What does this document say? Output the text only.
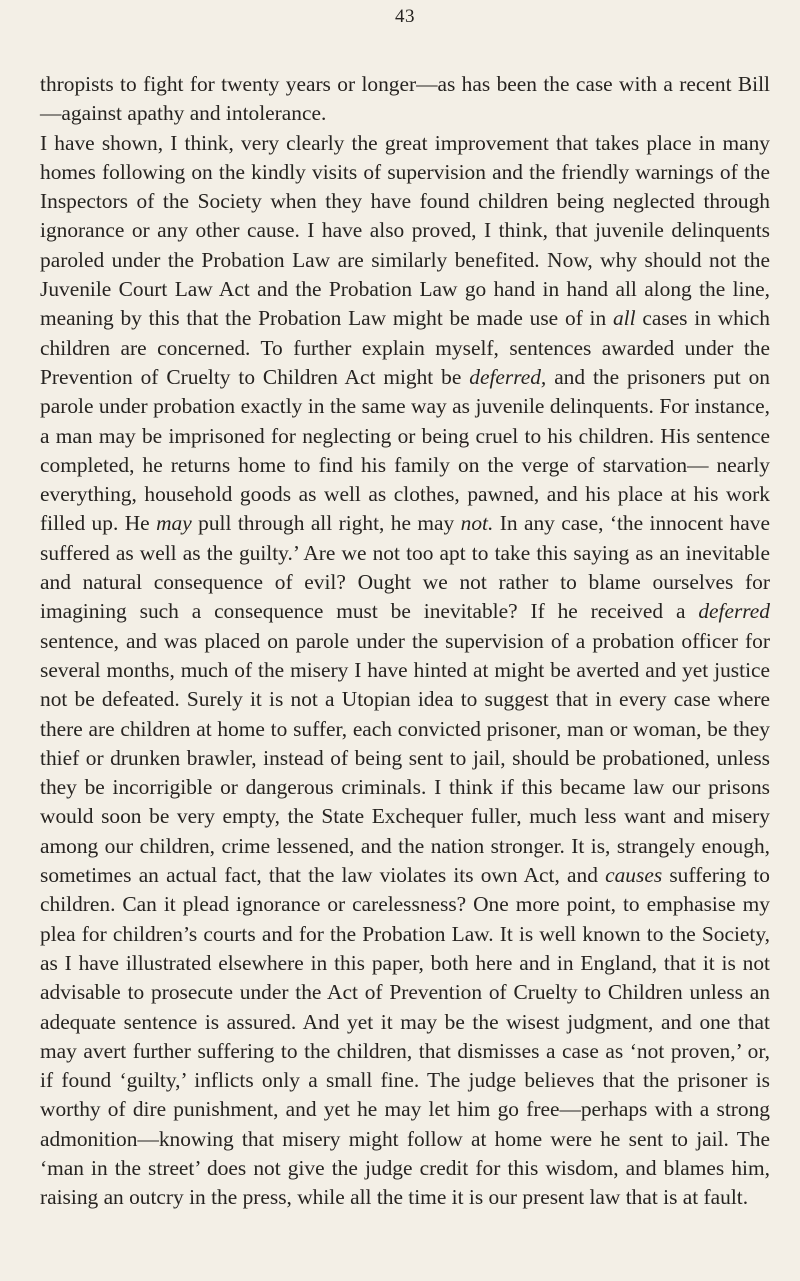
43

thropists to fight for twenty years or longer—as has been the case with a recent Bill—against apathy and intolerance.

I have shown, I think, very clearly the great improvement that takes place in many homes following on the kindly visits of supervision and the friendly warnings of the Inspectors of the Society when they have found children being neglected through ignorance or any other cause. I have also proved, I think, that juvenile delinquents paroled under the Probation Law are similarly benefited. Now, why should not the Juvenile Court Law Act and the Probation Law go hand in hand all along the line, meaning by this that the Probation Law might be made use of in all cases in which children are concerned. To further explain myself, sentences awarded under the Prevention of Cruelty to Children Act might be deferred, and the prisoners put on parole under probation exactly in the same way as juvenile delinquents. For instance, a man may be imprisoned for neglecting or being cruel to his children. His sentence completed, he returns home to find his family on the verge of starvation— nearly everything, household goods as well as clothes, pawned, and his place at his work filled up. He may pull through all right, he may not. In any case, ‘the innocent have suffered as well as the guilty.’ Are we not too apt to take this saying as an inevitable and natural consequence of evil? Ought we not rather to blame ourselves for imagining such a consequence must be inevitable? If he received a deferred sentence, and was placed on parole under the supervision of a probation officer for several months, much of the misery I have hinted at might be averted and yet justice not be defeated. Surely it is not a Utopian idea to suggest that in every case where there are children at home to suffer, each convicted prisoner, man or woman, be they thief or drunken brawler, instead of being sent to jail, should be probationed, unless they be incorrigible or dangerous criminals. I think if this became law our prisons would soon be very empty, the State Exchequer fuller, much less want and misery among our children, crime lessened, and the nation stronger. It is, strangely enough, sometimes an actual fact, that the law violates its own Act, and causes suffering to children. Can it plead ignorance or carelessness? One more point, to emphasise my plea for children’s courts and for the Probation Law. It is well known to the Society, as I have illustrated elsewhere in this paper, both here and in England, that it is not advisable to prosecute under the Act of Prevention of Cruelty to Children unless an adequate sentence is assured. And yet it may be the wisest judgment, and one that may avert further suffering to the children, that dismisses a case as ‘not proven,’ or, if found ‘guilty,’ inflicts only a small fine. The judge believes that the prisoner is worthy of dire punishment, and yet he may let him go free—perhaps with a strong admonition—knowing that misery might follow at home were he sent to jail. The ‘man in the street’ does not give the judge credit for this wisdom, and blames him, raising an outcry in the press, while all the time it is our present law that is at fault.
